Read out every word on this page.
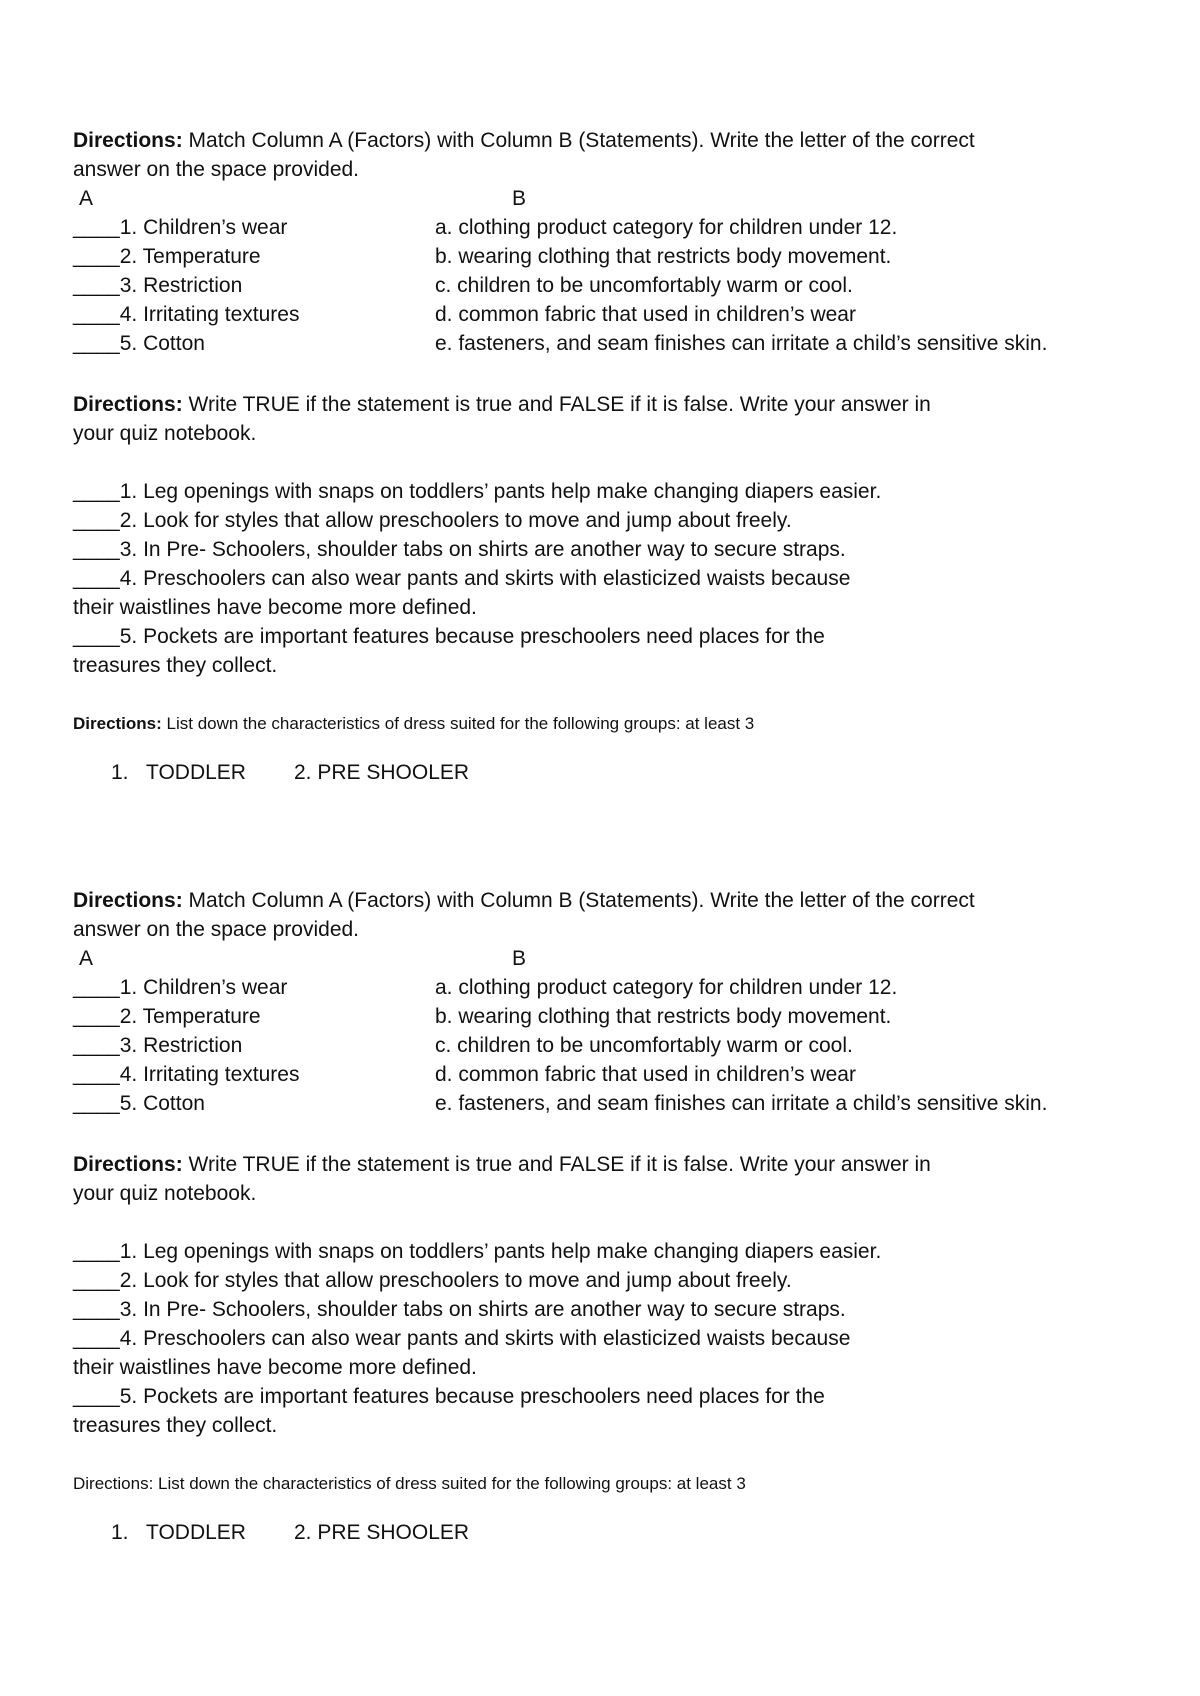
Directions: Match Column A (Factors) with Column B (Statements). Write the letter of the correct
answer on the space provided.
A	B
____1. Children’s wear	a. clothing product category for children under 12.
____2. Temperature	b. wearing clothing that restricts body movement.
____3. Restriction	c. children to be uncomfortably warm or cool.
____4. Irritating textures	d. common fabric that used in children’s wear
____5. Cotton	e. fasteners, and seam finishes can irritate a child’s sensitive skin.
Directions: Write TRUE if the statement is true and FALSE if it is false. Write your answer in
your quiz notebook.
____1. Leg openings with snaps on toddlers’ pants help make changing diapers easier.
____2. Look for styles that allow preschoolers to move and jump about freely.
____3. In Pre- Schoolers, shoulder tabs on shirts are another way to secure straps.
____4. Preschoolers can also wear pants and skirts with elasticized waists because
their waistlines have become more defined.
____5. Pockets are important features because preschoolers need places for the
treasures they collect.
Directions: List down the characteristics of dress suited for the following groups: at least 3
1. TODDLER 2. PRE SHOOLER
Directions: Match Column A (Factors) with Column B (Statements). Write the letter of the correct
answer on the space provided.
A	B
____1. Children’s wear	a. clothing product category for children under 12.
____2. Temperature	b. wearing clothing that restricts body movement.
____3. Restriction	c. children to be uncomfortably warm or cool.
____4. Irritating textures	d. common fabric that used in children’s wear
____5. Cotton	e. fasteners, and seam finishes can irritate a child’s sensitive skin.
Directions: Write TRUE if the statement is true and FALSE if it is false. Write your answer in
your quiz notebook.
____1. Leg openings with snaps on toddlers’ pants help make changing diapers easier.
____2. Look for styles that allow preschoolers to move and jump about freely.
____3. In Pre- Schoolers, shoulder tabs on shirts are another way to secure straps.
____4. Preschoolers can also wear pants and skirts with elasticized waists because
their waistlines have become more defined.
____5. Pockets are important features because preschoolers need places for the
treasures they collect.
Directions: List down the characteristics of dress suited for the following groups: at least 3
1. TODDLER 2. PRE SHOOLER
